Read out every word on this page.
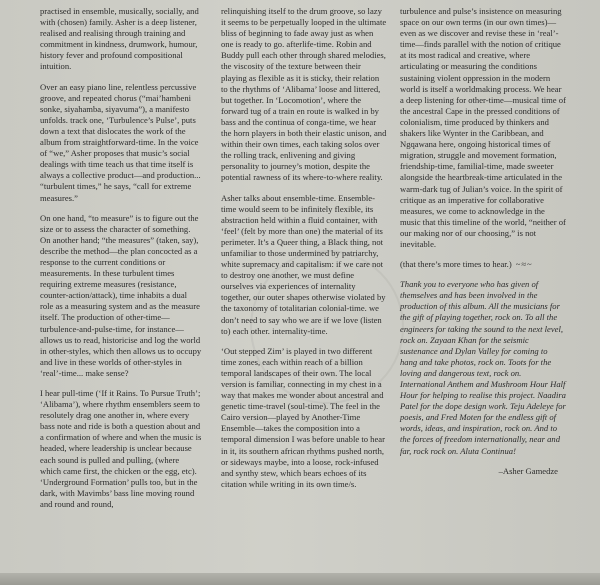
practised in ensemble, musically, socially, and with (chosen) family. Asher is a deep listener, realised and realising through training and commitment in kindness, drumwork, humour, history fever and profound compositional intuition.

Over an easy piano line, relentless percussive groove, and repeated chorus (“mai’hambeni sonke, siyahamba, siyavuma”), a manifesto unfolds. track one, ‘Turbulence’s Pulse’, puts down a text that dislocates the work of the album from straightforward-time. In the voice of “we,” Asher proposes that music’s social dealings with time teach us that time itself is always a collective product—and production... “turbulent times,” he says, “call for extreme measures.”

On one hand, “to measure” is to figure out the size or to assess the character of something. On another hand; “the measures” (taken, say), describe the method—the plan concocted as a response to the current conditions or measurements. In these turbulent times requiring extreme measures (resistance, counter-action/attack), time inhabits a dual role as a measuring system and as the measure itself. The production of other-time—turbulence-and-pulse-time, for instance—allows us to read, historicise and log the world in other-styles, which then allows us to occupy and live in these worlds of other-styles in ‘real’-time... make sense?

I hear pull-time (‘If it Rains. To Pursue Truth’; ‘Alibama’), where rhythm ensemblers seem to resolutely drag one another in, where every bass note and ride is both a question about and a confirmation of where and when the music is headed, where leadership is unclear because each sound is pulled and pulling, (where which came first, the chicken or the egg, etc). ‘Underground Formation’ pulls too, but in the dark, with Mavimbs’ bass line moving round and round and round,

relinquishing itself to the drum groove, so lazy it seems to be perpetually looped in the ultimate bliss of beginning to fade away just as when one is ready to go. afterlife-time. Robin and Buddy pull each other through shared melodies, the viscosity of the texture between their playing as flexible as it is sticky, their relation to the rhythms of ‘Alibama’ loose and littered, but together. In ‘Locomotion’, where the forward tug of a train en route is walked in by bass and the continua of conga-time, we hear the horn players in both their elastic unison, and within their own times, each taking solos over the rolling track, enlivening and giving personality to journey’s motion, despite the potential rawness of its where-to-where reality.

Asher talks about ensemble-time. Ensemble-time would seem to be infinitely flexible, its abstraction held within a fluid container, with ‘feel’ (felt by more than one) the material of its perimeter. It’s a Queer thing, a Black thing, not unfamiliar to those undermined by patriarchy, white supremacy and capitalism: if we care not to destroy one another, we must define ourselves via experiences of internality together, our outer shapes otherwise violated by the taxonomy of totalitarian colonial-time. we don’t need to say who we are if we love (listen to) each other. internality-time.

‘Out stepped Zim’ is played in two different time zones, each within reach of a billion temporal landscapes of their own. The local version is familiar, connecting in my chest in a way that makes me wonder about ancestral and genetic time-travel (soul-time). The feel in the Cairo version—played by Another-Time Ensemble—takes the composition into a temporal dimension I was before unable to hear in it, its southern african rhythms pushed north, or sideways maybe, into a loose, rock-infused and synthy stew, which bears echoes of its citation while writing in its own time/s.

turbulence and pulse’s insistence on measuring space on our own terms (in our own times)—even as we discover and revise these in ‘real’-time—finds parallel with the notion of critique at its most radical and creative, where articulating or measuring the conditions sustaining violent oppression in the modern world is itself a worldmaking process. We hear a deep listening for other-time—musical time of the ancestral Cape in the pressed conditions of colonialism, time produced by thinkers and shakers like Wynter in the Caribbean, and Ngqawana here, ongoing historical times of migration, struggle and movement formation, friendship-time, familial-time, made sweeter alongside the heartbreak-time articulated in the warm-dark tug of Julian’s voice. In the spirit of critique as an imperative for collaborative measures, we come to acknowledge in the music that this timeline of the world, “neither of our making nor of our choosing,” is not inevitable.

(that there’s more times to hear.) ~≈~

Thank you to everyone who has given of themselves and has been involved in the production of this album. All the musicians for the gift of playing together, rock on. To all the engineers for taking the sound to the next level, rock on. Zayaan Khan for the seismic sustenance and Dylan Valley for coming to hang and take photos, rock on. Toots for the loving and dangerous text, rock on. International Anthem and Mushroom Hour Half Hour for helping to realise this project. Naadira Patel for the dope design work. Teju Adeleye for poesis, and Fred Moten for the endless gift of words, ideas, and inspiration, rock on. And to the forces of freedom internationally, near and far, rock rock on. Aluta Continua!

–Asher Gamedze
